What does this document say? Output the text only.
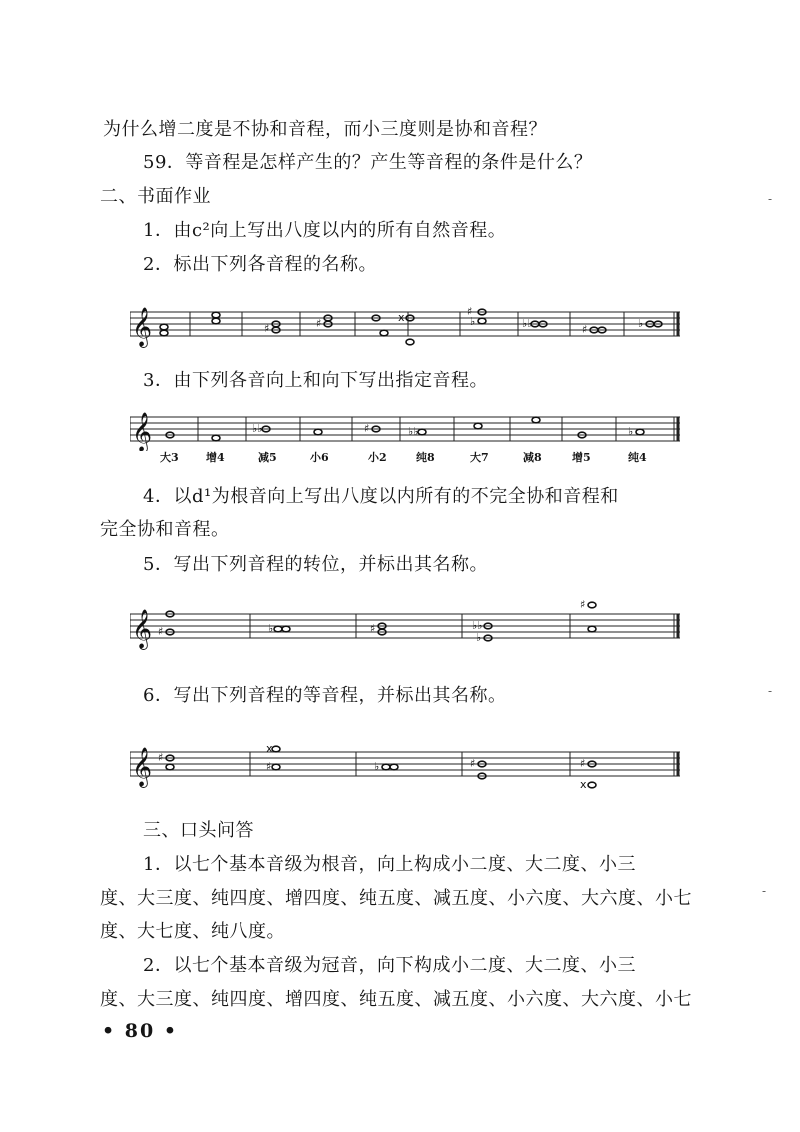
为什么增二度是不协和音程，而小三度则是协和音程？
59．等音程是怎样产生的？产生等音程的条件是什么？
二、书面作业
1．由c²向上写出八度以内的所有自然音程。
2．标出下列各音程的名称。
𝄞	♯	♯	x	♯
♭	♭♭	♯	♭
3．由下列各音向上和向下写出指定音程。
𝄞	♭♭	♯	♭♭	♭
大3 增4	减5	小6	小2	纯8	大7	减8	增5	纯4
4．以d¹为根音向上写出八度以内所有的不完全协和音程和
完全协和音程。
5．写出下列音程的转位，并标出其名称。
𝄞 ♯	♭	♯	♭♭
♭
♯
6．写出下列音程的等音程，并标出其名称。
𝄞 ♯
x
♯	♭	♯	♯
x
三、口头问答
1．以七个基本音级为根音，向上构成小二度、大二度、小三
度、大三度、纯四度、增四度、纯五度、减五度、小六度、大六度、小七
度、大七度、纯八度。
2．以七个基本音级为冠音，向下构成小二度、大二度、小三
度、大三度、纯四度、增四度、纯五度、减五度、小六度、大六度、小七
• 80 •
-
-
-
